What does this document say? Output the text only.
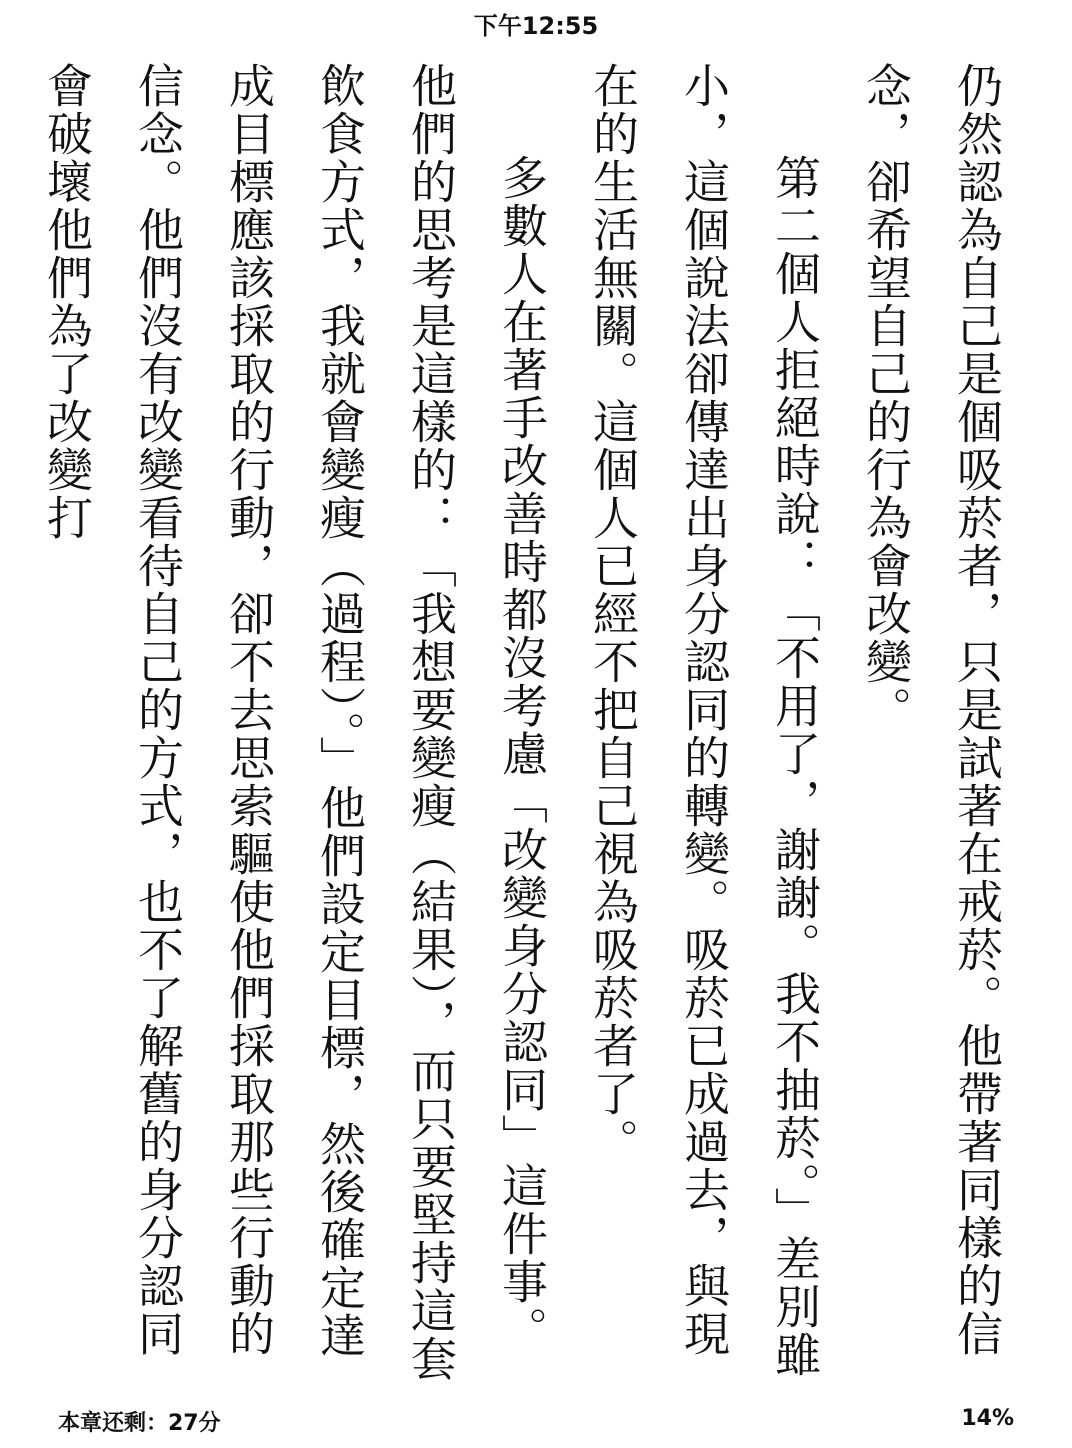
下午12:55

仍然認為自己是個吸菸者，只是試著在戒菸。他帶著同樣的信念，卻希望自己的行為會改變。

第二個人拒絕時說：「不用了，謝謝。我不抽菸。」差別雖小，這個說法卻傳達出身分認同的轉變。吸菸已成過去，與現在的生活無關。這個人已經不把自己視為吸菸者了。

多數人在著手改善時都沒考慮「改變身分認同」這件事。他們的思考是這樣的：「我想要變瘦（結果），而只要堅持這套飲食方式，我就會變瘦（過程）。」他們設定目標，然後確定達成目標應該採取的行動，卻不去思索驅使他們採取那些行動的信念。他們沒有改變看待自己的方式，也不了解舊的身分認同會破壞他們為了改變打

本章还剩：27分	14%
